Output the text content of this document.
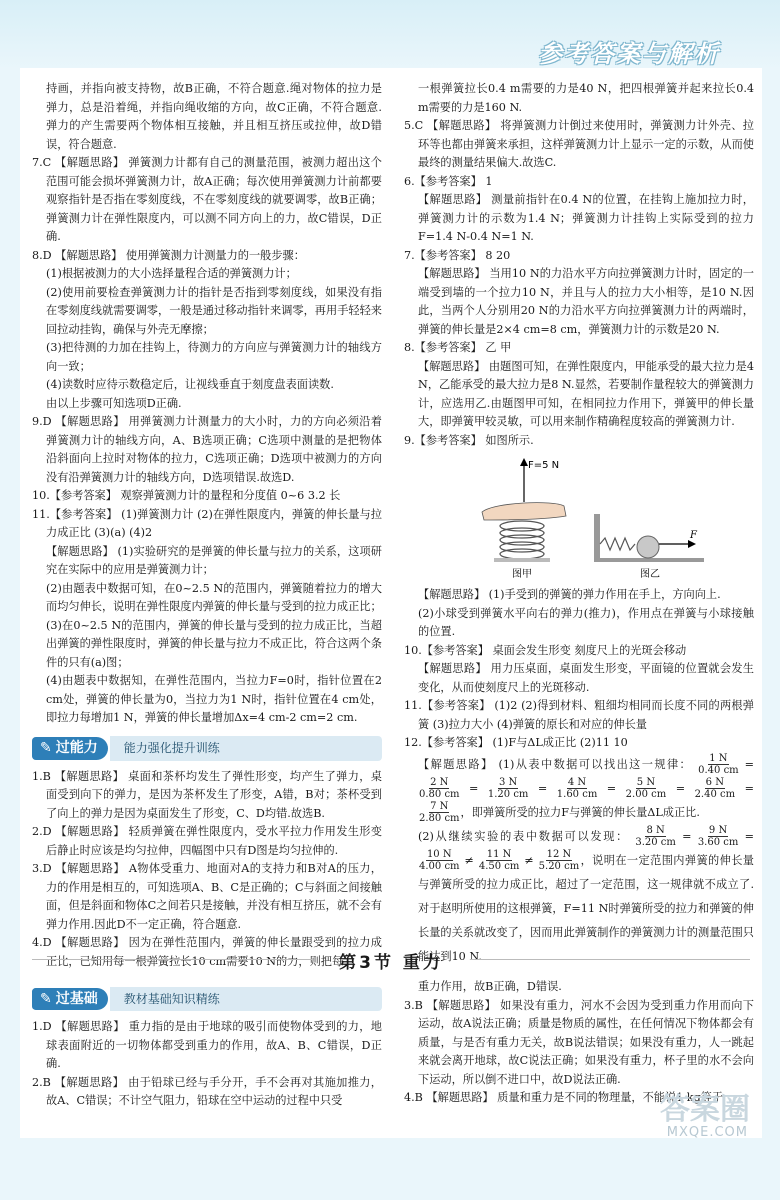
参考答案与解析
持画，并指向被支持物，故B正确，不符合题意.绳对物体的拉力是弹力，总是沿着绳，并指向绳收缩的方向，故C正确，不符合题意.弹力的产生需要两个物体相互接触，并且相互挤压或拉伸，故D错误，符合题意.
7.C 【解题思路】 弹簧测力计都有自己的测量范围，被测力超出这个范围可能会损坏弹簧测力计，故A正确；每次使用弹簧测力计前都要观察指针是否指在零刻度线，不在零刻度线的就要调零，故B正确；弹簧测力计在弹性限度内，可以测不同方向上的力，故C错误，D正确.
8.D 【解题思路】 使用弹簧测力计测量力的一般步骤：
(1)根据被测力的大小选择量程合适的弹簧测力计；
(2)使用前要检查弹簧测力计的指针是否指到零刻度线，如果没有指在零刻度线就需要调零，一般是通过移动指针来调零，再用手轻轻来回拉动挂钩，确保与外壳无摩擦；
(3)把待测的力加在挂钩上，待测力的方向应与弹簧测力计的轴线方向一致；
(4)读数时应待示数稳定后，让视线垂直于刻度盘表面读数.
由以上步骤可知选项D正确.
9.D 【解题思路】 用弹簧测力计测量力的大小时，力的方向必须沿着弹簧测力计的轴线方向，A、B选项正确；C选项中测量的是把物体沿斜面向上拉时对物体的拉力，C选项正确；D选项中被测力的方向没有沿弹簧测力计的轴线方向，D选项错误.故选D.
10.【参考答案】 观察弹簧测力计的量程和分度值 0~6 3.2 长
11.【参考答案】 (1)弹簧测力计 (2)在弹性限度内，弹簧的伸长量与拉力成正比 (3)(a) (4)2
【解题思路】 (1)实验研究的是弹簧的伸长量与拉力的关系，这项研究在实际中的应用是弹簧测力计；
(2)由题表中数据可知，在0~2.5 N的范围内，弹簧随着拉力的增大而均匀伸长，说明在弹性限度内弹簧的伸长量与受到的拉力成正比；
(3)在0~2.5 N的范围内，弹簧的伸长量与受到的拉力成正比，当超出弹簧的弹性限度时，弹簧的伸长量与拉力不成正比，符合这两个条件的只有(a)图；
(4)由题表中数据知，在弹性范围内，当拉力F=0时，指针位置在2 cm处，弹簧的伸长量为0，当拉力为1 N时，指针位置在4 cm处，即拉力每增加1 N，弹簧的伸长量增加Δx=4 cm-2 cm=2 cm.
✎ 过能力	能力强化提升训练
1.B 【解题思路】 桌面和茶杯均发生了弹性形变，均产生了弹力，桌面受到向下的弹力，是因为茶杯发生了形变，A错，B对；茶杯受到了向上的弹力是因为桌面发生了形变，C、D均错.故选B.
2.D 【解题思路】 轻质弹簧在弹性限度内，受水平拉力作用发生形变后静止时应该是均匀拉伸，四幅图中只有D图是均匀拉伸的.
3.D 【解题思路】 A物体受重力、地面对A的支持力和B对A的压力，力的作用是相互的，可知选项A、B、C是正确的；C与斜面之间接触面，但是斜面和物体C之间若只是接触，并没有相互挤压，就不会有弹力作用.因此D不一定正确，符合题意.
4.D 【解题思路】 因为在弹性范围内，弹簧的伸长量跟受到的拉力成正比，已知用每一根弹簧拉长10 cm需要10 N的力，则把每
一根弹簧拉长0.4 m需要的力是40 N，把四根弹簧并起来拉长0.4 m需要的力是160 N.
5.C 【解题思路】 将弹簧测力计倒过来使用时，弹簧测力计外壳、拉环等也都由弹簧来承担，这样弹簧测力计上显示一定的示数，从而使最终的测量结果偏大.故选C.
6.【参考答案】 1
【解题思路】 测量前指针在0.4 N的位置，在挂钩上施加拉力时，弹簧测力计的示数为1.4 N；弹簧测力计挂钩上实际受到的拉力F=1.4 N-0.4 N=1 N.
7.【参考答案】 8 20
【解题思路】 当用10 N的力沿水平方向拉弹簧测力计时，固定的一端受到墙的一个拉力10 N，并且与人的拉力大小相等，是10 N.因此，当两个人分别用20 N的力沿水平方向拉弹簧测力计的两端时，弹簧的伸长量是2×4 cm=8 cm，弹簧测力计的示数是20 N.
8.【参考答案】 乙 甲
【解题思路】 由题图可知，在弹性限度内，甲能承受的最大拉力是4 N，乙能承受的最大拉力是8 N.显然，若要制作量程较大的弹簧测力计，应选用乙.由题图甲可知，在相同拉力作用下，弹簧甲的伸长量大，即弹簧甲较灵敏，可以用来制作精确程度较高的弹簧测力计.
9.【参考答案】 如图所示.
F=5 N
图甲
F
图乙
【解题思路】 (1)手受到的弹簧的弹力作用在手上，方向向上.
(2)小球受到弹簧水平向右的弹力(推力)，作用点在弹簧与小球接触的位置.
10.【参考答案】 桌面会发生形变 刻度尺上的光斑会移动
【解题思路】 用力压桌面，桌面发生形变，平面镜的位置就会发生变化，从而使刻度尺上的光斑移动.
11.【参考答案】 (1)2 (2)得到材料、粗细均相同而长度不同的两根弹簧 (3)拉力大小 (4)弹簧的原长和对应的伸长量
12.【参考答案】 (1)F与ΔL成正比 (2)11 10
【解题思路】 (1)从表中数据可以找出这一规律： $\frac{1 N}{0.40 cm}$ =
$\frac{2 N}{0.80 cm} = \frac{3 N}{1.20 cm} = \frac{4 N}{1.60 cm} = \frac{5 N}{2.00 cm} = \frac{6 N}{2.40 cm}$ =
$\frac{7 N}{2.80 cm}$ ，即弹簧所受的拉力F与弹簧的伸长量ΔL成正比.
(2)从继续实验的表中数据可以发现： $\frac{8 N}{3.20 cm} = \frac{9 N}{3.60 cm}$ =
$\frac{10 N}{4.00 cm} \ne \frac{11 N}{4.50 cm} \ne \frac{12 N}{5.20 cm}$ ，说明在一定范围内弹簧的伸长量与弹簧所受的拉力成正比，超过了一定范围，这一规律就不成立了.对于赵明所使用的这根弹簧，F=11 N时弹簧所受的拉力和弹簧的伸长量的关系就改变了，因而用此弹簧制作的弹簧测力计的测量范围只能达到10 N.
第3节 重力
✎ 过基础	教材基础知识精练
1.D 【解题思路】 重力指的是由于地球的吸引而使物体受到的力，地球表面附近的一切物体都受到重力的作用，故A、B、C错误，D正确.
2.B 【解题思路】 由于铅球已经与手分开，手不会再对其施加推力，故A、C错误；不计空气阻力，铅球在空中运动的过程中只受
重力作用，故B正确，D错误.
3.B 【解题思路】 如果没有重力，河水不会因为受到重力作用而向下运动，故A说法正确；质量是物质的属性，在任何情况下物体都会有质量，与是否有重力无关，故B说法错误；如果没有重力，人一跳起来就会离开地球，故C说法正确；如果没有重力，杯子里的水不会向下运动，所以倒不进口中，故D说法正确.
4.B 【解题思路】 质量和重力是不同的物理量，不能说1 kg等于
答案圈
MXQE.COM
